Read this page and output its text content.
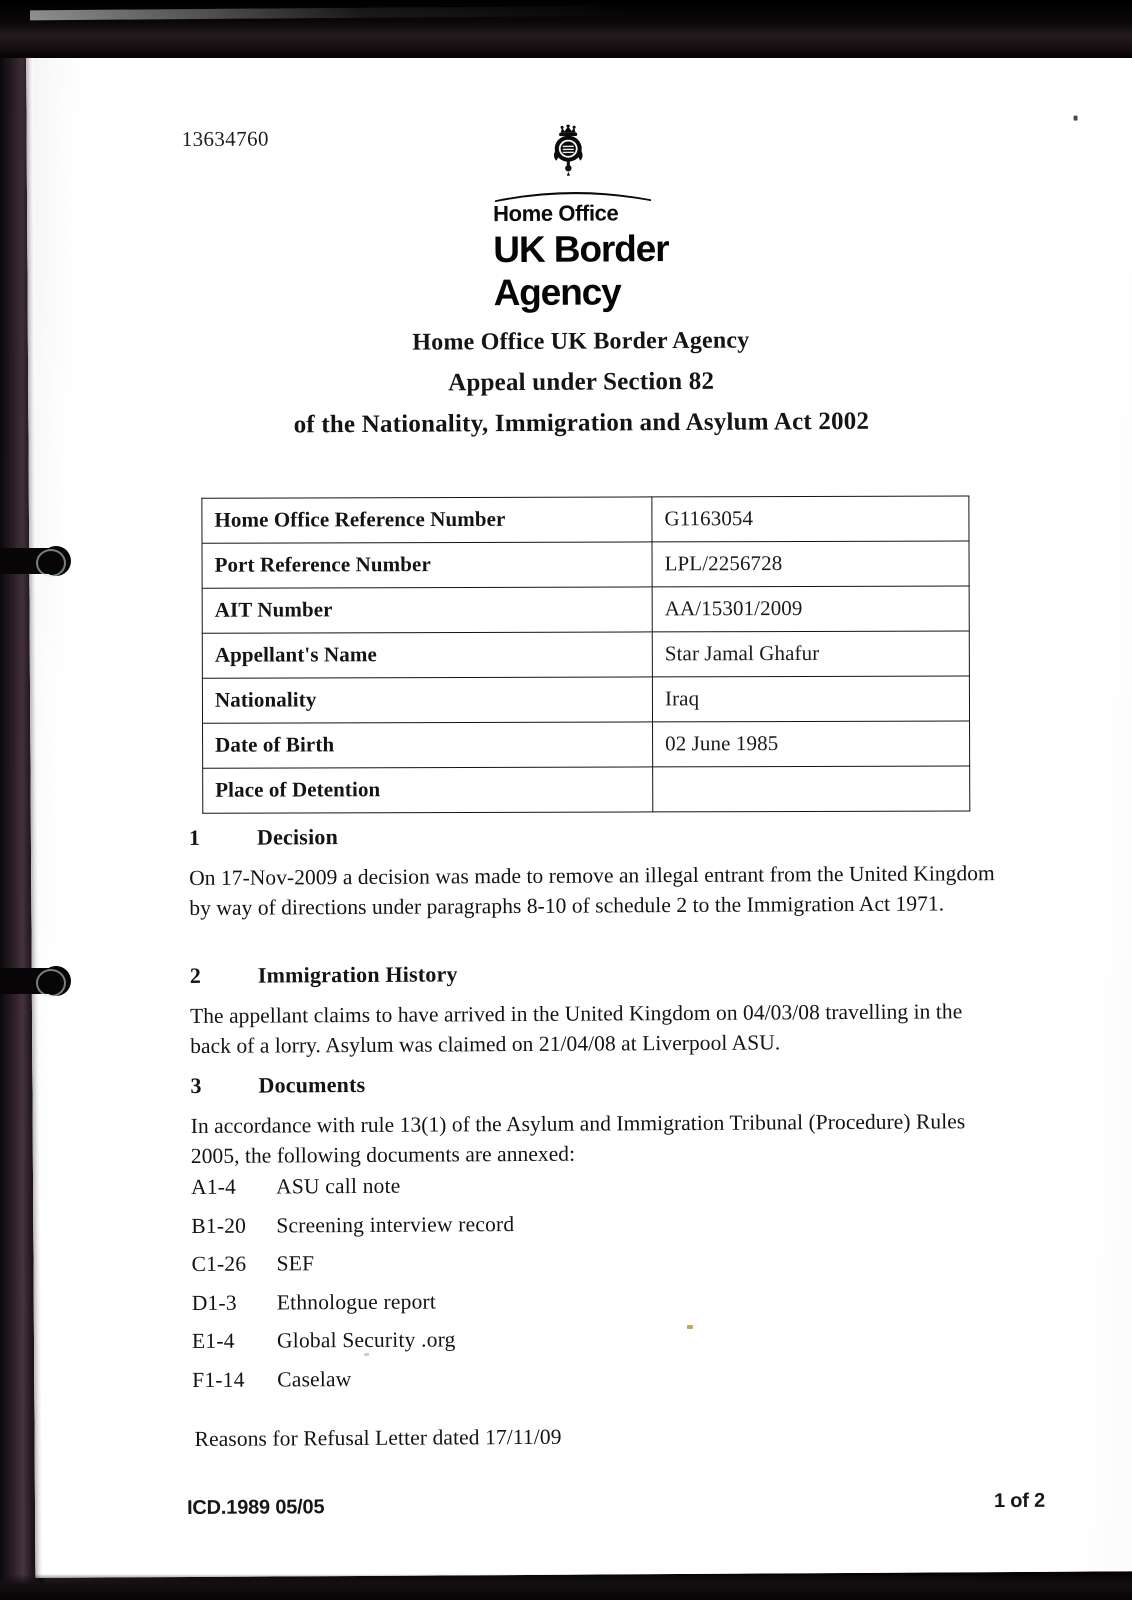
13634760
Home Office
UK Border
Agency
Home Office UK Border Agency
Appeal under Section 82
of the Nationality, Immigration and Asylum Act 2002
Home Office Reference Number	G1163054
Port Reference Number	LPL/2256728
AIT Number	AA/15301/2009
Appellant's Name	Star Jamal Ghafur
Nationality	Iraq
Date of Birth	02 June 1985
Place of Detention	
1	Decision
On 17-Nov-2009 a decision was made to remove an illegal entrant from the United Kingdom by way of directions under paragraphs 8-10 of schedule 2 to the Immigration Act 1971.
2	Immigration History
The appellant claims to have arrived in the United Kingdom on 04/03/08 travelling in the back of a lorry. Asylum was claimed on 21/04/08 at Liverpool ASU.
3	Documents
In accordance with rule 13(1) of the Asylum and Immigration Tribunal (Procedure) Rules 2005, the following documents are annexed:
A1-4	ASU call note
B1-20	Screening interview record
C1-26	SEF
D1-3	Ethnologue report
E1-4	Global Security .org
F1-14	Caselaw
Reasons for Refusal Letter dated 17/11/09
ICD.1989 05/05	1 of 2
